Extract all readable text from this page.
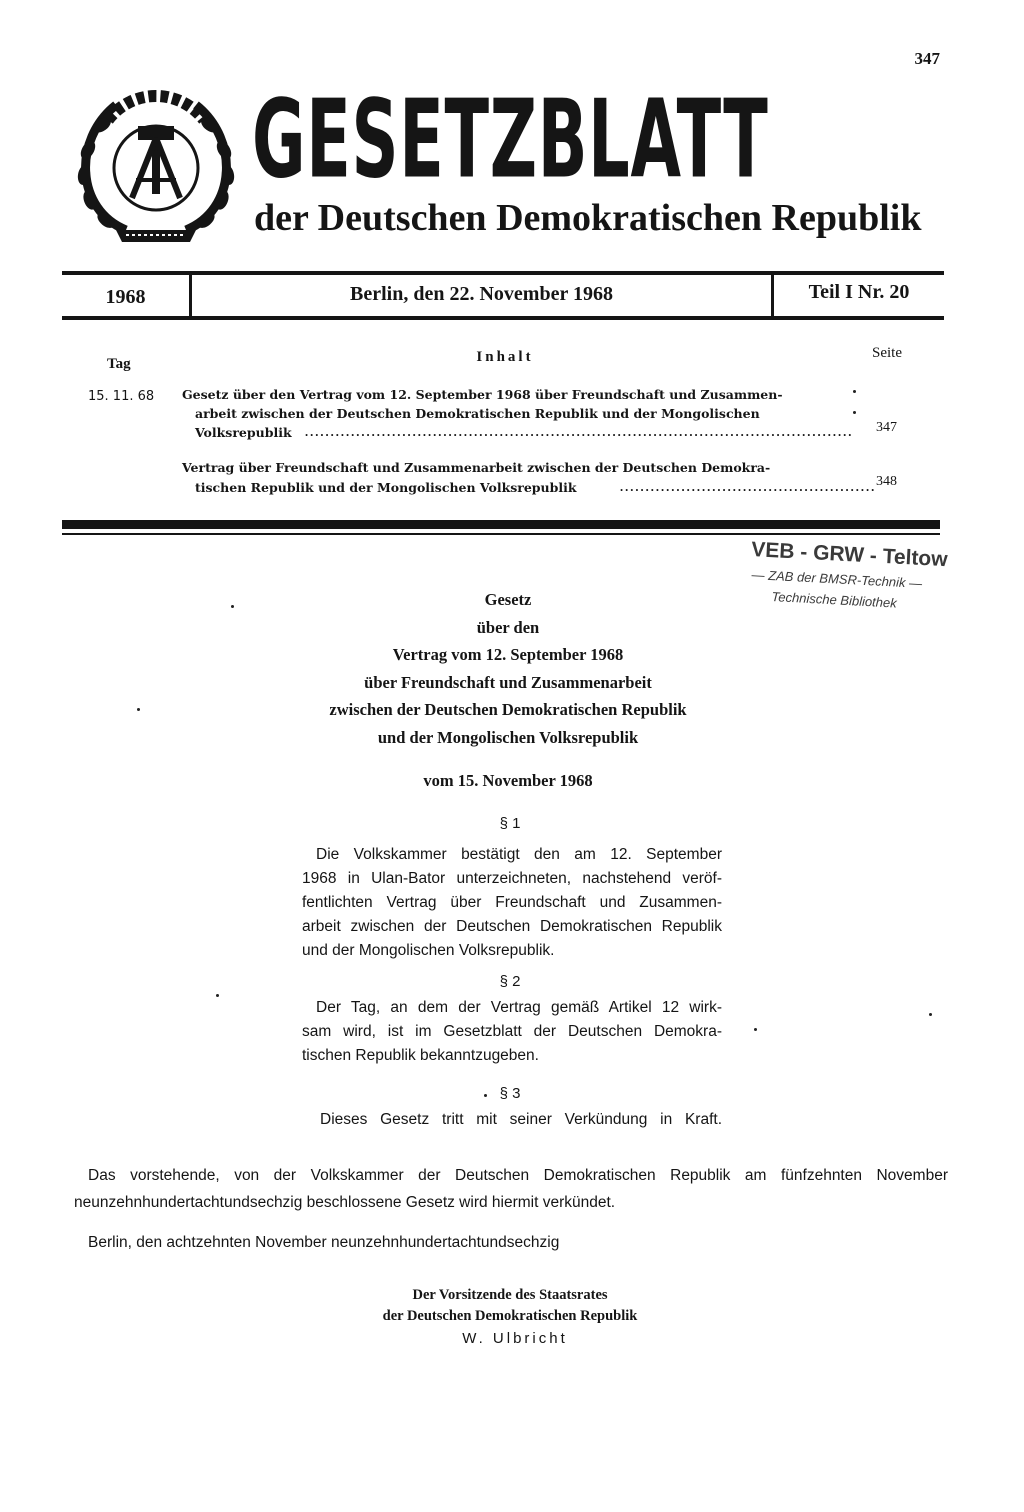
347
GESETZBLATT
der Deutschen Demokratischen Republik
1968	Berlin, den 22. November 1968	Teil I Nr. 20
Tag	Inhalt	Seite
15. 11. 68 Gesetz über den Vertrag vom 12. September 1968 über Freundschaft und Zusammen-
arbeit zwischen der Deutschen Demokratischen Republik und der Mongolischen
Volksrepublik ........................................................................................................... 347
Vertrag über Freundschaft und Zusammenarbeit zwischen der Deutschen Demokra-
tischen Republik und der Mongolischen Volksrepublik	.................................................. 348
VEB - GRW - Teltow
— ZAB der BMSR-Technik —
Technische Bibliothek
Gesetz
über den
Vertrag vom 12. September 1968
über Freundschaft und Zusammenarbeit
zwischen der Deutschen Demokratischen Republik
und der Mongolischen Volksrepublik
vom 15. November 1968
§ 1
Die Volkskammer bestätigt den am 12. September
1968 in Ulan-Bator unterzeichneten, nachstehend veröf-
fentlichten Vertrag über Freundschaft und Zusammen-
arbeit zwischen der Deutschen Demokratischen Republik
und der Mongolischen Volksrepublik.
§ 2
Der Tag, an dem der Vertrag gemäß Artikel 12 wirk-
sam wird, ist im Gesetzblatt der Deutschen Demokra-
tischen Republik bekanntzugeben.
§ 3
Dieses Gesetz tritt mit seiner Verkündung in Kraft.
Das vorstehende, von der Volkskammer der Deutschen Demokratischen Republik am fünfzehnten November
neunzehnhundertachtundsechzig beschlossene Gesetz wird hiermit verkündet.
Berlin, den achtzehnten November neunzehnhundertachtundsechzig
Der Vorsitzende des Staatsrates
der Deutschen Demokratischen Republik
W. Ulbricht
